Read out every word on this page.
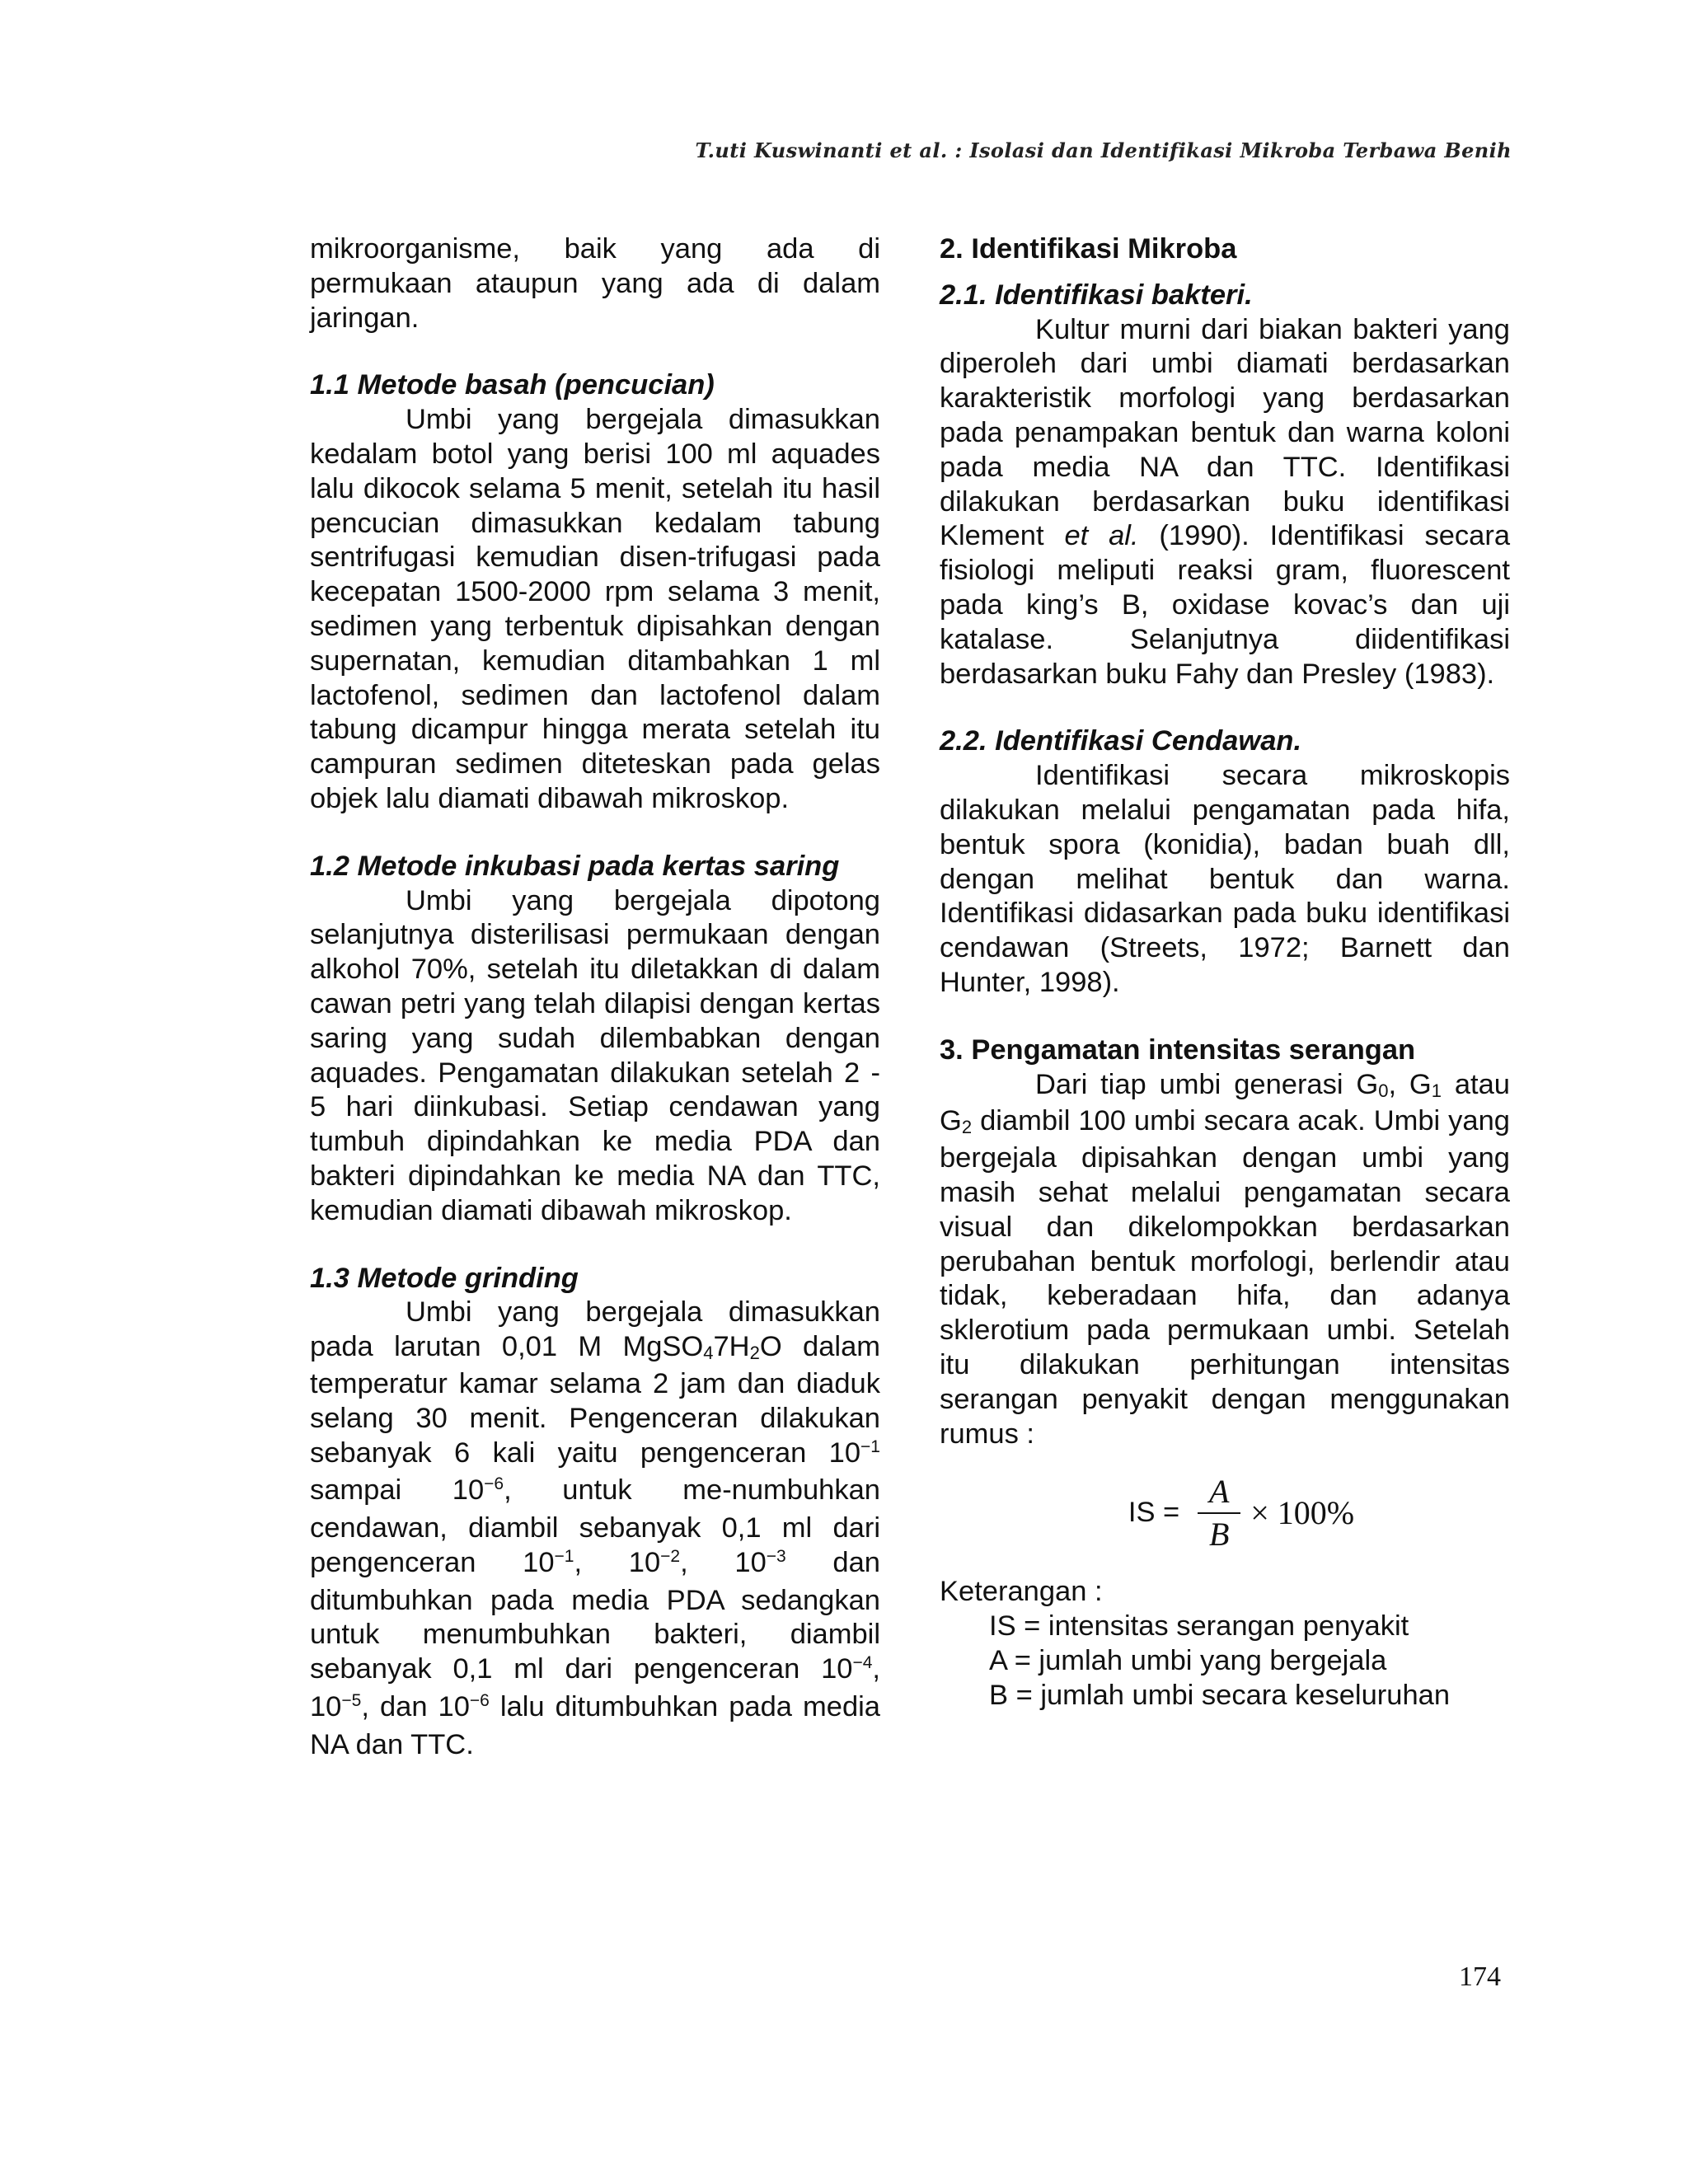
T.uti Kuswinanti et al. : Isolasi dan Identifikasi Mikroba Terbawa Benih

mikroorganisme, baik yang ada di permukaan ataupun yang ada di dalam jaringan.

1.1 Metode basah (pencucian)

Umbi yang bergejala dimasukkan kedalam botol yang berisi 100 ml aquades lalu dikocok selama 5 menit, setelah itu hasil pencucian dimasukkan kedalam tabung sentrifugasi kemudian disen-trifugasi pada kecepatan 1500-2000 rpm selama 3 menit, sedimen yang terbentuk dipisahkan dengan supernatan, kemudian ditambahkan 1 ml lactofenol, sedimen dan lactofenol dalam tabung dicampur hingga merata setelah itu campuran sedimen diteteskan pada gelas objek lalu diamati dibawah mikroskop.

1.2 Metode inkubasi pada kertas saring

Umbi yang bergejala dipotong selanjutnya disterilisasi permukaan dengan alkohol 70%, setelah itu diletakkan di dalam cawan petri yang telah dilapisi dengan kertas saring yang sudah dilembabkan dengan aquades. Pengamatan dilakukan setelah 2 - 5 hari diinkubasi. Setiap cendawan yang tumbuh dipindahkan ke media PDA dan bakteri dipindahkan ke media NA dan TTC, kemudian diamati dibawah mikroskop.

1.3 Metode grinding

Umbi yang bergejala dimasukkan pada larutan 0,01 M MgSO47H2O dalam temperatur kamar selama 2 jam dan diaduk selang 30 menit. Pengenceran dilakukan sebanyak 6 kali yaitu pengenceran $10^{-1}$ sampai $10^{-6}$, untuk me-numbuhkan cendawan, diambil sebanyak 0,1 ml dari pengenceran $10^{-1}$, $10^{-2}$, $10^{-3}$ dan ditumbuhkan pada media PDA sedangkan untuk menumbuhkan bakteri, diambil sebanyak 0,1 ml dari pengenceran $10^{-4}$, $10^{-5}$, dan $10^{-6}$ lalu ditumbuhkan pada media NA dan TTC.

2. Identifikasi Mikroba
2.1. Identifikasi bakteri.

Kultur murni dari biakan bakteri yang diperoleh dari umbi diamati berdasarkan karakteristik morfologi yang berdasarkan pada penampakan bentuk dan warna koloni pada media NA dan TTC. Identifikasi dilakukan berdasarkan buku identifikasi Klement et al. (1990). Identifikasi secara fisiologi meliputi reaksi gram, fluorescent pada king’s B, oxidase kovac’s dan uji katalase. Selanjutnya diidentifikasi berdasarkan buku Fahy dan Presley (1983).

2.2. Identifikasi Cendawan.

Identifikasi secara mikroskopis dilakukan melalui pengamatan pada hifa, bentuk spora (konidia), badan buah dll, dengan melihat bentuk dan warna. Identifikasi didasarkan pada buku identifikasi cendawan (Streets, 1972; Barnett dan Hunter, 1998).

3. Pengamatan intensitas serangan

Dari tiap umbi generasi G0, G1 atau G2 diambil 100 umbi secara acak. Umbi yang bergejala dipisahkan dengan umbi yang masih sehat melalui pengamatan secara visual dan dikelompokkan berdasarkan perubahan bentuk morfologi, berlendir atau tidak, keberadaan hifa, dan adanya sklerotium pada permukaan umbi. Setelah itu dilakukan perhitungan intensitas serangan penyakit dengan menggunakan rumus :

IS = $\frac{A}{B} \times 100\%$

Keterangan :

IS = intensitas serangan penyakit
A = jumlah umbi yang bergejala
B = jumlah umbi secara keseluruhan
174
